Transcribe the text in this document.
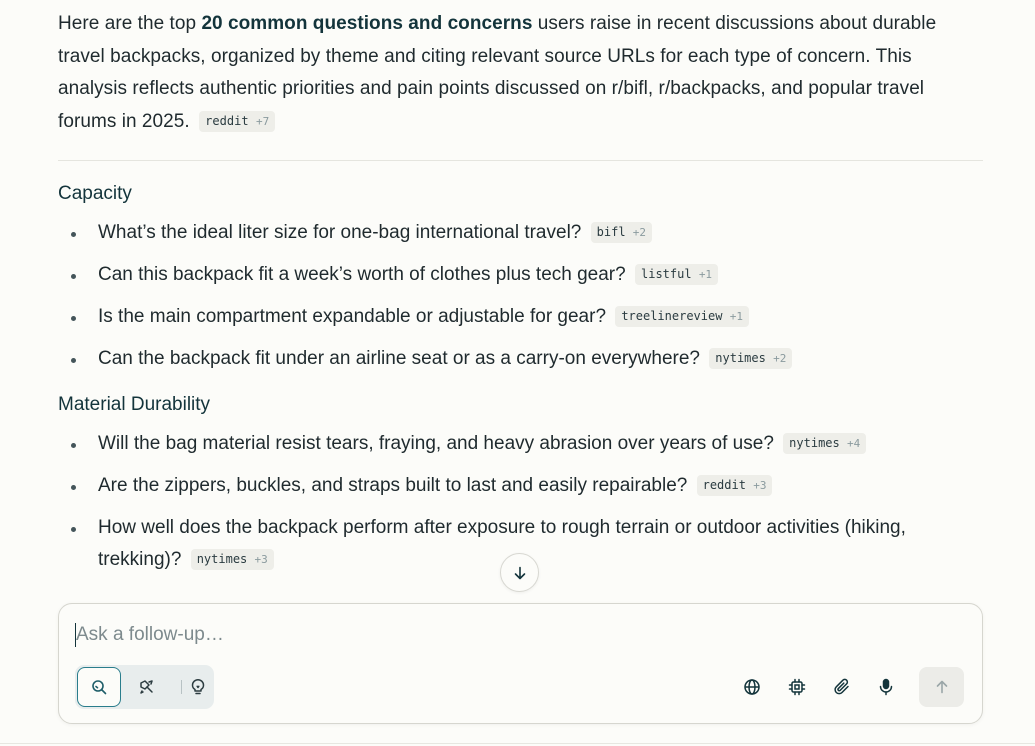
Here are the top 20 common questions and concerns users raise in recent discussions about durable travel backpacks, organized by theme and citing relevant source URLs for each type of concern. This analysis reflects authentic priorities and pain points discussed on r/bifl, r/backpacks, and popular travel forums in 2025. reddit +7

Capacity
What’s the ideal liter size for one-bag international travel? bifl +2
Can this backpack fit a week’s worth of clothes plus tech gear? listful +1
Is the main compartment expandable or adjustable for gear? treelinereview +1
Can the backpack fit under an airline seat or as a carry-on everywhere? nytimes +2
Material Durability
Will the bag material resist tears, fraying, and heavy abrasion over years of use? nytimes +4
Are the zippers, buckles, and straps built to last and easily repairable? reddit +3
How well does the backpack perform after exposure to rough terrain or outdoor activities (hiking, trekking)? nytimes +3
Ask a follow-up…
